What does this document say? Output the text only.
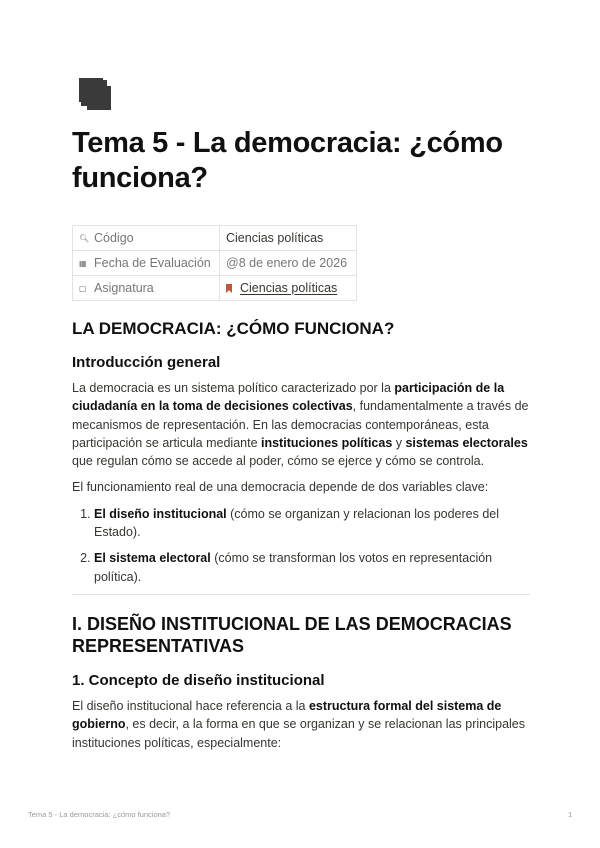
Tema 5 - La democracia: ¿cómo funciona?
🔍︎ Código	Ciencias políticas
▦ Fecha de Evaluación	@8 de enero de 2026
▢ Asignatura	Ciencias políticas
LA DEMOCRACIA: ¿CÓMO FUNCIONA?
Introducción general

La democracia es un sistema político caracterizado por la participación de la ciudadanía en la toma de decisiones colectivas, fundamentalmente a través de mecanismos de representación. En las democracias contemporáneas, esta participación se articula mediante instituciones políticas y sistemas electorales que regulan cómo se accede al poder, cómo se ejerce y cómo se controla.

El funcionamiento real de una democracia depende de dos variables clave:

1. El diseño institucional (cómo se organizan y relacionan los poderes del Estado).
2. El sistema electoral (cómo se transforman los votos en representación política).
I. DISEÑO INSTITUCIONAL DE LAS DEMOCRACIAS REPRESENTATIVAS
1. Concepto de diseño institucional

El diseño institucional hace referencia a la estructura formal del sistema de gobierno, es decir, a la forma en que se organizan y se relacionan las principales instituciones políticas, especialmente:

Tema 5 - La democracia: ¿cómo funciona?	1
